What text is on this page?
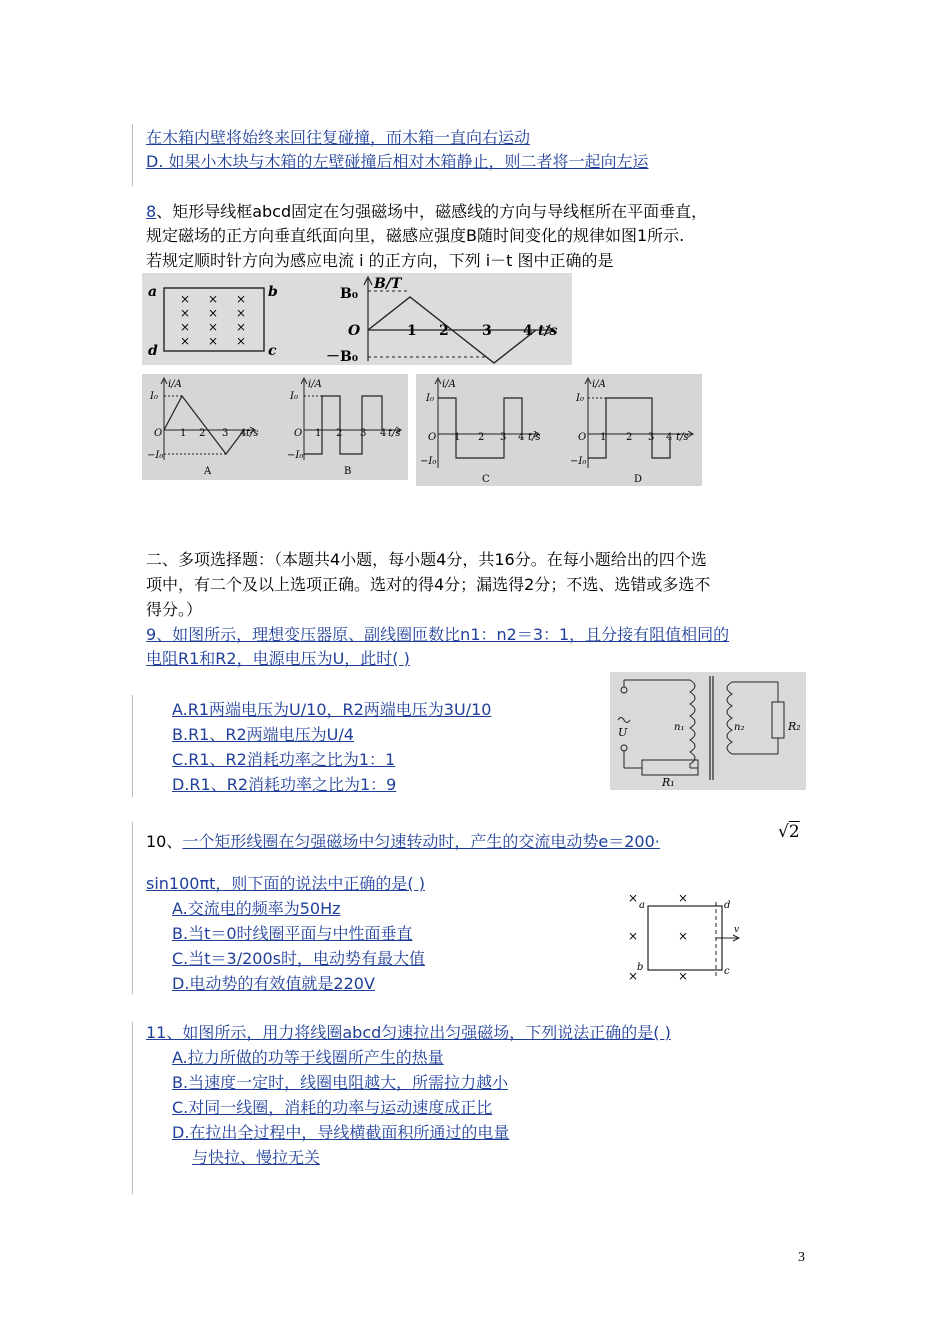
在木箱内壁将始终来回往复碰撞，而木箱一直向右运动
D. 如果小木块与木箱的左壁碰撞后相对木箱静止，则二者将一起向左运
8、矩形导线框abcd固定在匀强磁场中，磁感线的方向与导线框所在平面垂直，
规定磁场的正方向垂直纸面向里，磁感应强度B随时间变化的规律如图1所示.
若规定顺时针方向为感应电流 i 的正方向，下列 i－t 图中正确的是
a	b
c
d
× × ×
× × ×
× × ×
× × ×
B/T
B₀
－B₀
O	1 2 3 4 t/s
i/A
I₀
−I₀
O 1 2 3 4 t/s
A
i/A
I₀
−I₀
O 1 2 3 4 t/s
B
i/A
I₀
−I₀
O 1 2 3 4 t/s
C
i/A
I₀
−I₀
O 1 2 3 4 t/s
D
二、多项选择题：（本题共4小题，每小题4分，共16分。在每小题给出的四个选
项中，有二个及以上选项正确。选对的得4分；漏选得2分；不选、选错或多选不
得分。）
9、如图所示，理想变压器原、副线圈匝数比n1：n2＝3：1，且分接有阻值相同的
电阻R1和R2，电源电压为U，此时( )
A.R1两端电压为U/10，R2两端电压为3U/10
B.R1、R2两端电压为U/4
C.R1、R2消耗功率之比为1：1
D.R1、R2消耗功率之比为1：9
U
R₁
n₁	n₂	R₂
10、一个矩形线圈在匀强磁场中匀速转动时，产生的交流电动势e＝200·	√2
sin100πt，则下面的说法中正确的是( )
A.交流电的频率为50Hz
B.当t＝0时线圈平面与中性面垂直
C.当t＝3/200s时，电动势有最大值
D.电动势的有效值就是220V
×	×
×	×
×	×
v
a	d
b	c
11、如图所示，用力将线圈abcd匀速拉出匀强磁场，下列说法正确的是( )
A.拉力所做的功等于线圈所产生的热量
B.当速度一定时，线圈电阻越大，所需拉力越小
C.对同一线圈，消耗的功率与运动速度成正比
D.在拉出全过程中，导线横截面积所通过的电量
与快拉、慢拉无关
3
